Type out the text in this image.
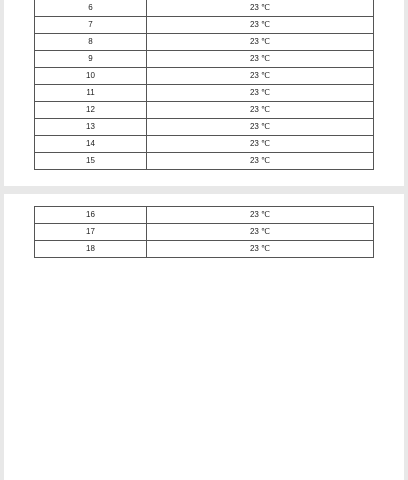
6	23 ℃
7	23 ℃
8	23 ℃
9	23 ℃
10	23 ℃
11	23 ℃
12	23 ℃
13	23 ℃
14	23 ℃
15	23 ℃
16	23 ℃
17	23 ℃
18	23 ℃
